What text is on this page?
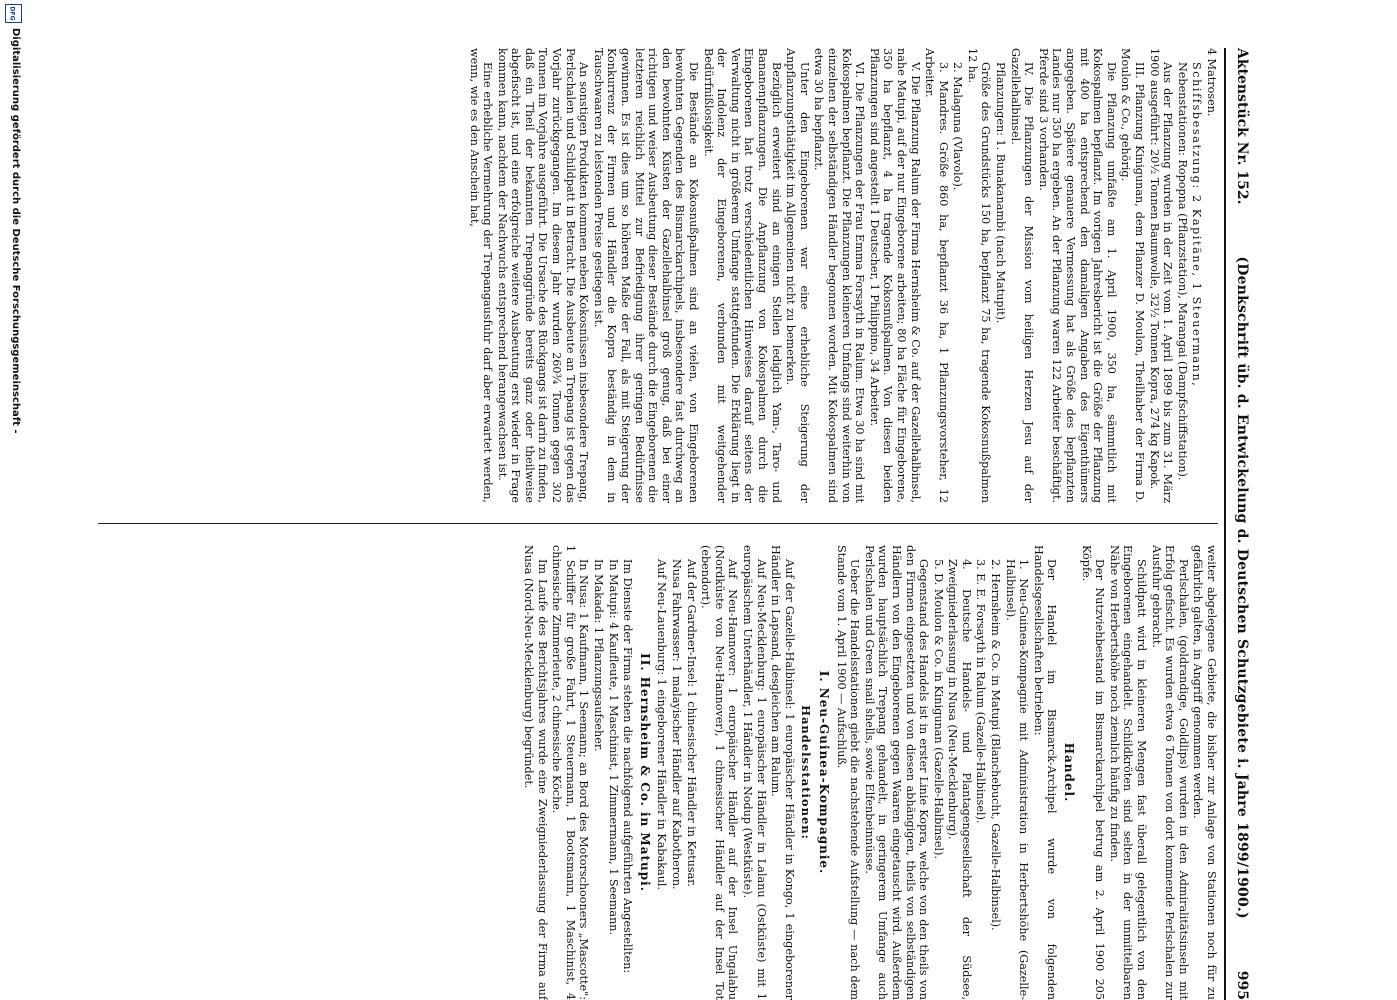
Aktenstück Nr. 152.
(Denkschrift üb. d. Entwickelung d. Deutschen Schutzgebiete i. Jahre 1899/1900.)
995

4 Matrosen.

Schiffsbesatzung: 2 Kapitäne, 1 Steuermann,

Nebenstationen: Ropopna (Pflanzstation), Marangai (Dampfschiffstation).

Aus der Pflanzung wurden in der Zeit vom 1. April 1899 bis zum 31. März 1900 ausgeführt: 20½ Tonnen Baumwolle, 32½ Tonnen Kopra, 274 kg Kapok.

III. Pflanzung Kinigunan, dem Pflanzer D. Moulon, Theilhaber der Firma D. Moulon & Co., gehörig.

Die Pflanzung umfaßte am 1. April 1900, 350 ha, sämmtlich mit Kokospalmen bepflanzt. Im vorigen Jahresbericht ist die Größe der Pflanzung mit 400 ha entsprechend den damaligen Angaben des Eigenthümers angegeben. Spätere genauere Vermessung hat als Größe des bepflanzten Landes nur 350 ha ergeben. An der Pflanzung waren 122 Arbeiter beschäftigt. Pferde sind 3 vorhanden.

IV. Die Pflanzungen der Mission vom heiligen Herzen Jesu auf der Gazellehalbinsel.

Pflanzungen: 1. Bunakanambi (nach Matupit).

Größe des Grundstücks 150 ha, bepflanzt 75 ha, tragende Kokosnußpalmen 12 ha.

2. Malaguna (Vlavolo).

3. Mandres. Größe 860 ha, bepflanzt 36 ha, 1 Pflanzungsvorsteher, 12 Arbeiter.

V. Die Pflanzung Ralum der Firma Hernsheim & Co. auf der Gazellehalbinsel, nahe Matupi, auf der nur Eingeborene arbeiten; 80 ha Fläche für Eingeborene, 350 ha bepflanzt, 4 ha tragende Kokosnußpalmen. Von diesen beiden Pflanzungen sind angestellt 1 Deutscher, 1 Philippino, 34 Arbeiter.

VI. Die Pflanzungen der Frau Emma Forsayth in Ralum. Etwa 30 ha sind mit Kokospalmen bepflanzt. Die Pflanzungen kleineren Umfangs sind weiterhin von einzelnen der selbständigen Händler begonnen worden. Mit Kokospalmen sind etwa 30 ha bepflanzt.

Unter den Eingeborenen war eine erhebliche Steigerung der Anpflanzungsthätigkeit im Allgemeinen nicht zu bemerken.

Bezüglich erweitert sind an einigen Stellen lediglich Yam-, Taro- und Bananenpflanzungen. Die Anpflanzung von Kokospalmen durch die Eingeborenen hat trotz verschiedentlichen Hinweises darauf seitens der Verwaltung nicht in größerem Umfange stattgefunden. Die Erklärung liegt in der Indolenz der Eingeborenen, verbunden mit weitgehender Bedürfnißlosigkeit.

Die Bestände an Kokosnußpalmen sind an vielen, von Eingeborenen bewohnten Gegenden des Bismarckarchipels, insbesondere fast durchweg an den bewohnten Küsten der Gazellehalbinsel groß genug, daß bei einer richtigen und weiser Ausbeutung dieser Bestände durch die Eingeborenen die letzteren reichlich Mittel zur Befriedigung ihrer geringen Bedürfnisse gewinnen. Es ist dies um so höheren Maße der Fall, als mit Steigerung der Konkurrenz der Firmen und Händler die Kopra beständig in dem in Tauschwaaren zu leistenden Preise gestiegen ist.

An sonstigen Produkten kommen neben Kokosnüssen insbesondere Trepang, Perlschalen und Schildpatt in Betracht. Die Ausbeute an Trepang ist gegen das Vorjahr zurückgegangen. Im diesem Jahr wurden 260¾ Tonnen gegen 302 Tonnen im Vorjahre ausgeführt. Die Ursache des Rückgangs ist darin zu finden, daß ein Theil der bekannten Trepanggründe bereits ganz oder theilweise abgefischt ist, und eine erfolgreiche weitere Ausbeutung erst wieder in Frage kommen kann, nachdem der Nachwuchs entsprechend herangewachsen ist.

Eine erhebliche Vermehrung der Trepangausfuhr darf aber erwartet werden, wenn, wie es den Anschein hat,

weiter abgelegene Gebiete, die bisher zur Anlage von Stationen noch für zu gefährlich galten, in Angriff genommen werden.

Perlschalen, (goldrandige, Goldlips) wurden in den Admiralitätsinseln mit Erfolg gefischt. Es wurden etwa 6 Tonnen von dort kommende Perlschalen zur Ausfuhr gebracht.

Schildpatt wird in kleineren Mengen fast überall gelegentlich von den Eingeborenen eingehandelt. Schildkröten sind selten in der unmittelbaren Nähe von Herbertshöhe noch ziemlich häufig zu finden.

Der Nutzviehbestand im Bismarckarchipel betrug am 2. April 1900 205 Köpfe.

Handel.

Der Handel im Bismarck-Archipel wurde von folgenden Handelsgesellschaften betrieben:

1. Neu-Guinea-Kompagnie mit Administration in Herbertshöhe (Gazelle-Halbinsel).

2. Hernsheim & Co. in Matupi (Blanchebucht, Gazelle-Halbinsel).

3. E. E. Forsayth in Ralum (Gazelle-Halbinsel).

4. Deutsche Handels- und Plantagengesellschaft der Südsee, Zweigniederlassung in Nusa (Neu-Mecklenburg).

5. D. Moulon & Co. in Kinigunan (Gazelle-Halbinsel).

Gegenstand des Handels ist in erster Linie Kopra, welche von den theils von den Firmen eingesetzten und von diesen abhängigen, theils von selbständigen Händlern von den Eingeborenen gegen Waaren eingetauscht wird. Außerdem wurden hauptsächlich Trepang gehandelt, in geringerem Umfange auch Perlschalen und Green snail shells, sowie Elfenbeinnüsse.

Ueber die Handelsstationen giebt die nachstehende Aufstellung — nach dem Stande vom 1. April 1900 — Aufschluß.

I. Neu-Guinea-Kompagnie.
Handelsstationen:

Auf der Gazelle-Halbinsel: 1 europäischer Händler in Kongo, 1 eingeborener Händler in Lapsand, desgleichen am Ralum.

Auf Neu-Mecklenburg: 1 europäischer Händler in Lalanu (Ostküste) mit 1 europäischem Unterhändler, 1 Händler in Nodup (Westküste).

Auf Neu-Hannover: 1 europäischer Händler auf der Insel Ungalabu (Nordküste von Neu-Hannover), 1 chinesischer Händler auf der Insel Tot (ebendort).

Auf der Gardner-Insel: 1 chinesischer Händler in Ketusar.

Nusa Fahrwasser: 1 malayischer Händler auf Kabotheron.

Auf Neu-Lauenburg: 1 eingeborener Händler in Kabakaul.

II. Hernsheim & Co. in Matupi.

Im Dienste der Firma stehen die nachfolgend aufgeführten Angestellten:

In Matupi: 4 Kaufleute, 1 Maschinist, 1 Zimmermann, 1 Seemann.

In Makada: 1 Pflanzungsaufseher.

In Nusa: 1 Kaufmann, 1 Seemann; an Bord des Motorschooners „Mascotte": 1 Schiffer für große Fahrt, 1 Steuermann, 1 Bootsmann, 1 Maschinist, 4 chinesische Zimmerleute, 2 chinesische Köche.

Im Laufe des Berichtsjahres wurde eine Zweigniederlassung der Firma auf Nusa (Nord-Neu-Mecklenburg) begründet.

DFG
Digitalisierung gefördert durch die Deutsche Forschungsgemeinschaft -
